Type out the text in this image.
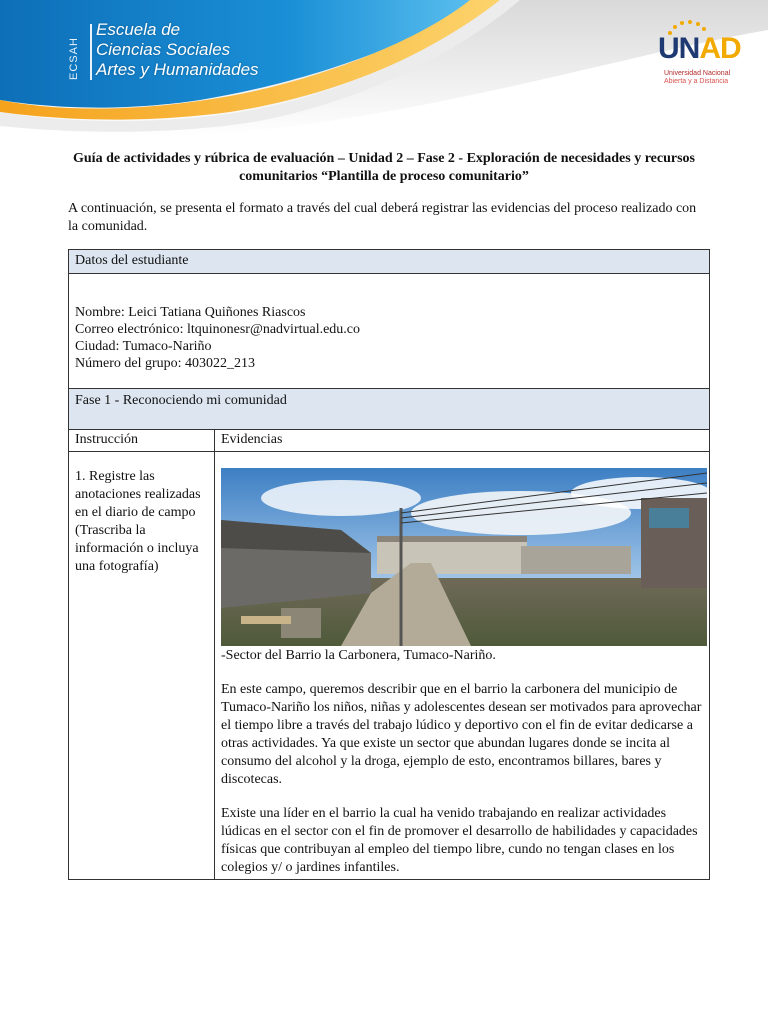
ECSAH
Escuela de
Ciencias Sociales
Artes y Humanidades
UNAD
Universidad Nacional
Abierta y a Distancia
Guía de actividades y rúbrica de evaluación – Unidad 2 – Fase 2 - Exploración de necesidades y recursos comunitarios “Plantilla de proceso comunitario”
A continuación, se presenta el formato a través del cual deberá registrar las evidencias del proceso realizado con la comunidad.
Datos del estudiante	

Nombre: Leici Tatiana Quiñones Riascos
Correo electrónico: ltquinonesr@nadvirtual.edu.co
Ciudad: Tumaco-Nariño
Número del grupo: 403022_213	

Fase 1 - Reconociendo mi comunidad	
Instrucción	Evidencias
1. Registre las anotaciones realizadas en el diario de campo (Trascriba la información o incluya una fotografía)	-Sector del Barrio la Carbonera, Tumaco-Nariño.

En este campo, queremos describir que en el barrio la carbonera del municipio de Tumaco-Nariño los niños, niñas y adolescentes desean ser motivados para aprovechar el tiempo libre a través del trabajo lúdico y deportivo con el fin de evitar dedicarse a otras actividades. Ya que existe un sector que abundan lugares donde se incita al consumo del alcohol y la droga, ejemplo de esto, encontramos billares, bares y discotecas.

Existe una líder en el barrio la cual ha venido trabajando en realizar actividades lúdicas en el sector con el fin de promover el desarrollo de habilidades y capacidades físicas que contribuyan al empleo del tiempo libre, cundo no tengan clases en los colegios y/ o jardines infantiles.
